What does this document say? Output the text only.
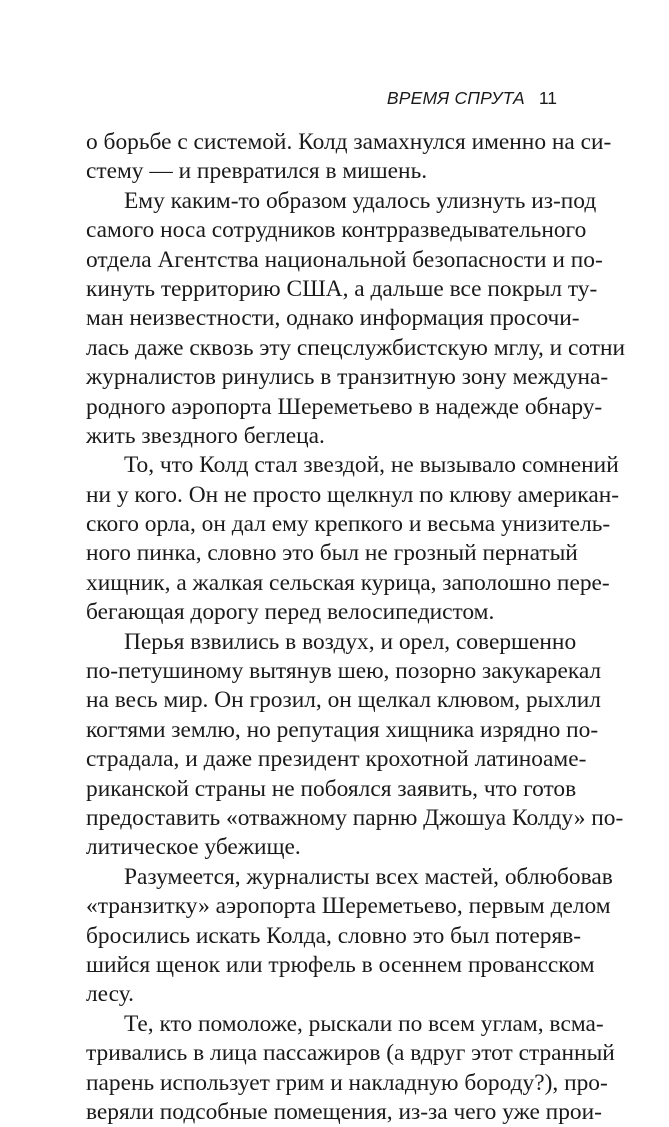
ВРЕМЯ СПРУТА 11
о борьбе с системой. Колд замахнулся именно на си-
стему — и превратился в мишень.
Ему каким-то образом удалось улизнуть из-под
самого носа сотрудников контрразведывательного
отдела Агентства национальной безопасности и по-
кинуть территорию США, а дальше все покрыл ту-
ман неизвестности, однако информация просочи-
лась даже сквозь эту спецслужбистскую мглу, и сотни
журналистов ринулись в транзитную зону междуна-
родного аэропорта Шереметьево в надежде обнару-
жить звездного беглеца.
То, что Колд стал звездой, не вызывало сомнений
ни у кого. Он не просто щелкнул по клюву американ-
ского орла, он дал ему крепкого и весьма унизитель-
ного пинка, словно это был не грозный пернатый
хищник, а жалкая сельская курица, заполошно пере-
бегающая дорогу перед велосипедистом.
Перья взвились в воздух, и орел, совершенно
по-петушиному вытянув шею, позорно закукарекал
на весь мир. Он грозил, он щелкал клювом, рыхлил
когтями землю, но репутация хищника изрядно по-
страдала, и даже президент крохотной латиноаме-
риканской страны не побоялся заявить, что готов
предоставить «отважному парню Джошуа Колду» по-
литическое убежище.
Разумеется, журналисты всех мастей, облюбовав
«транзитку» аэропорта Шереметьево, первым делом
бросились искать Колда, словно это был потеряв-
шийся щенок или трюфель в осеннем провансском
лесу.
Те, кто помоложе, рыскали по всем углам, вcма-
тривались в лица пассажиров (а вдруг этот странный
парень использует грим и накладную бороду?), про-
веряли подсобные помещения, из-за чего уже прои-
